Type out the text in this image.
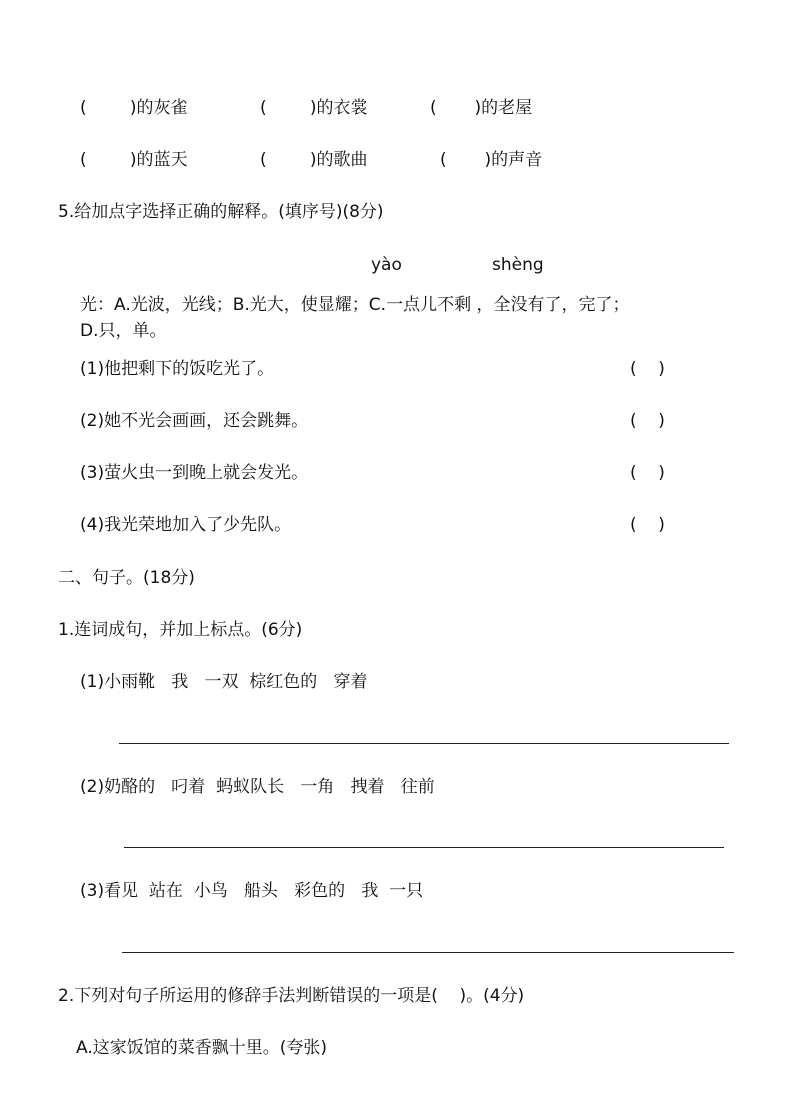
(        )的灰雀	(        )的衣裳	(       )的老屋
(        )的蓝天	(        )的歌曲	(       )的声音
5.给加点字选择正确的解释。(填序号)(8分)
yào	shèng
光：A.光波，光线；B.光大，使显耀；C.一点儿不剩 ，全没有了，完了；
D.只，单。
(1)他把剩下的饭吃光了。	(    )
(2)她不光会画画，还会跳舞。	(    )
(3)萤火虫一到晚上就会发光。	(    )
(4)我光荣地加入了少先队。	(    )
二、句子。(18分)
1.连词成句，并加上标点。(6分)
(1)小雨靴   我   一双  棕红色的   穿着
(2)奶酪的   叼着  蚂蚁队长   一角   拽着   往前
(3)看见  站在  小鸟   船头   彩色的   我  一只
2.下列对句子所运用的修辞手法判断错误的一项是(    )。(4分)
A.这家饭馆的菜香飘十里。(夸张)
